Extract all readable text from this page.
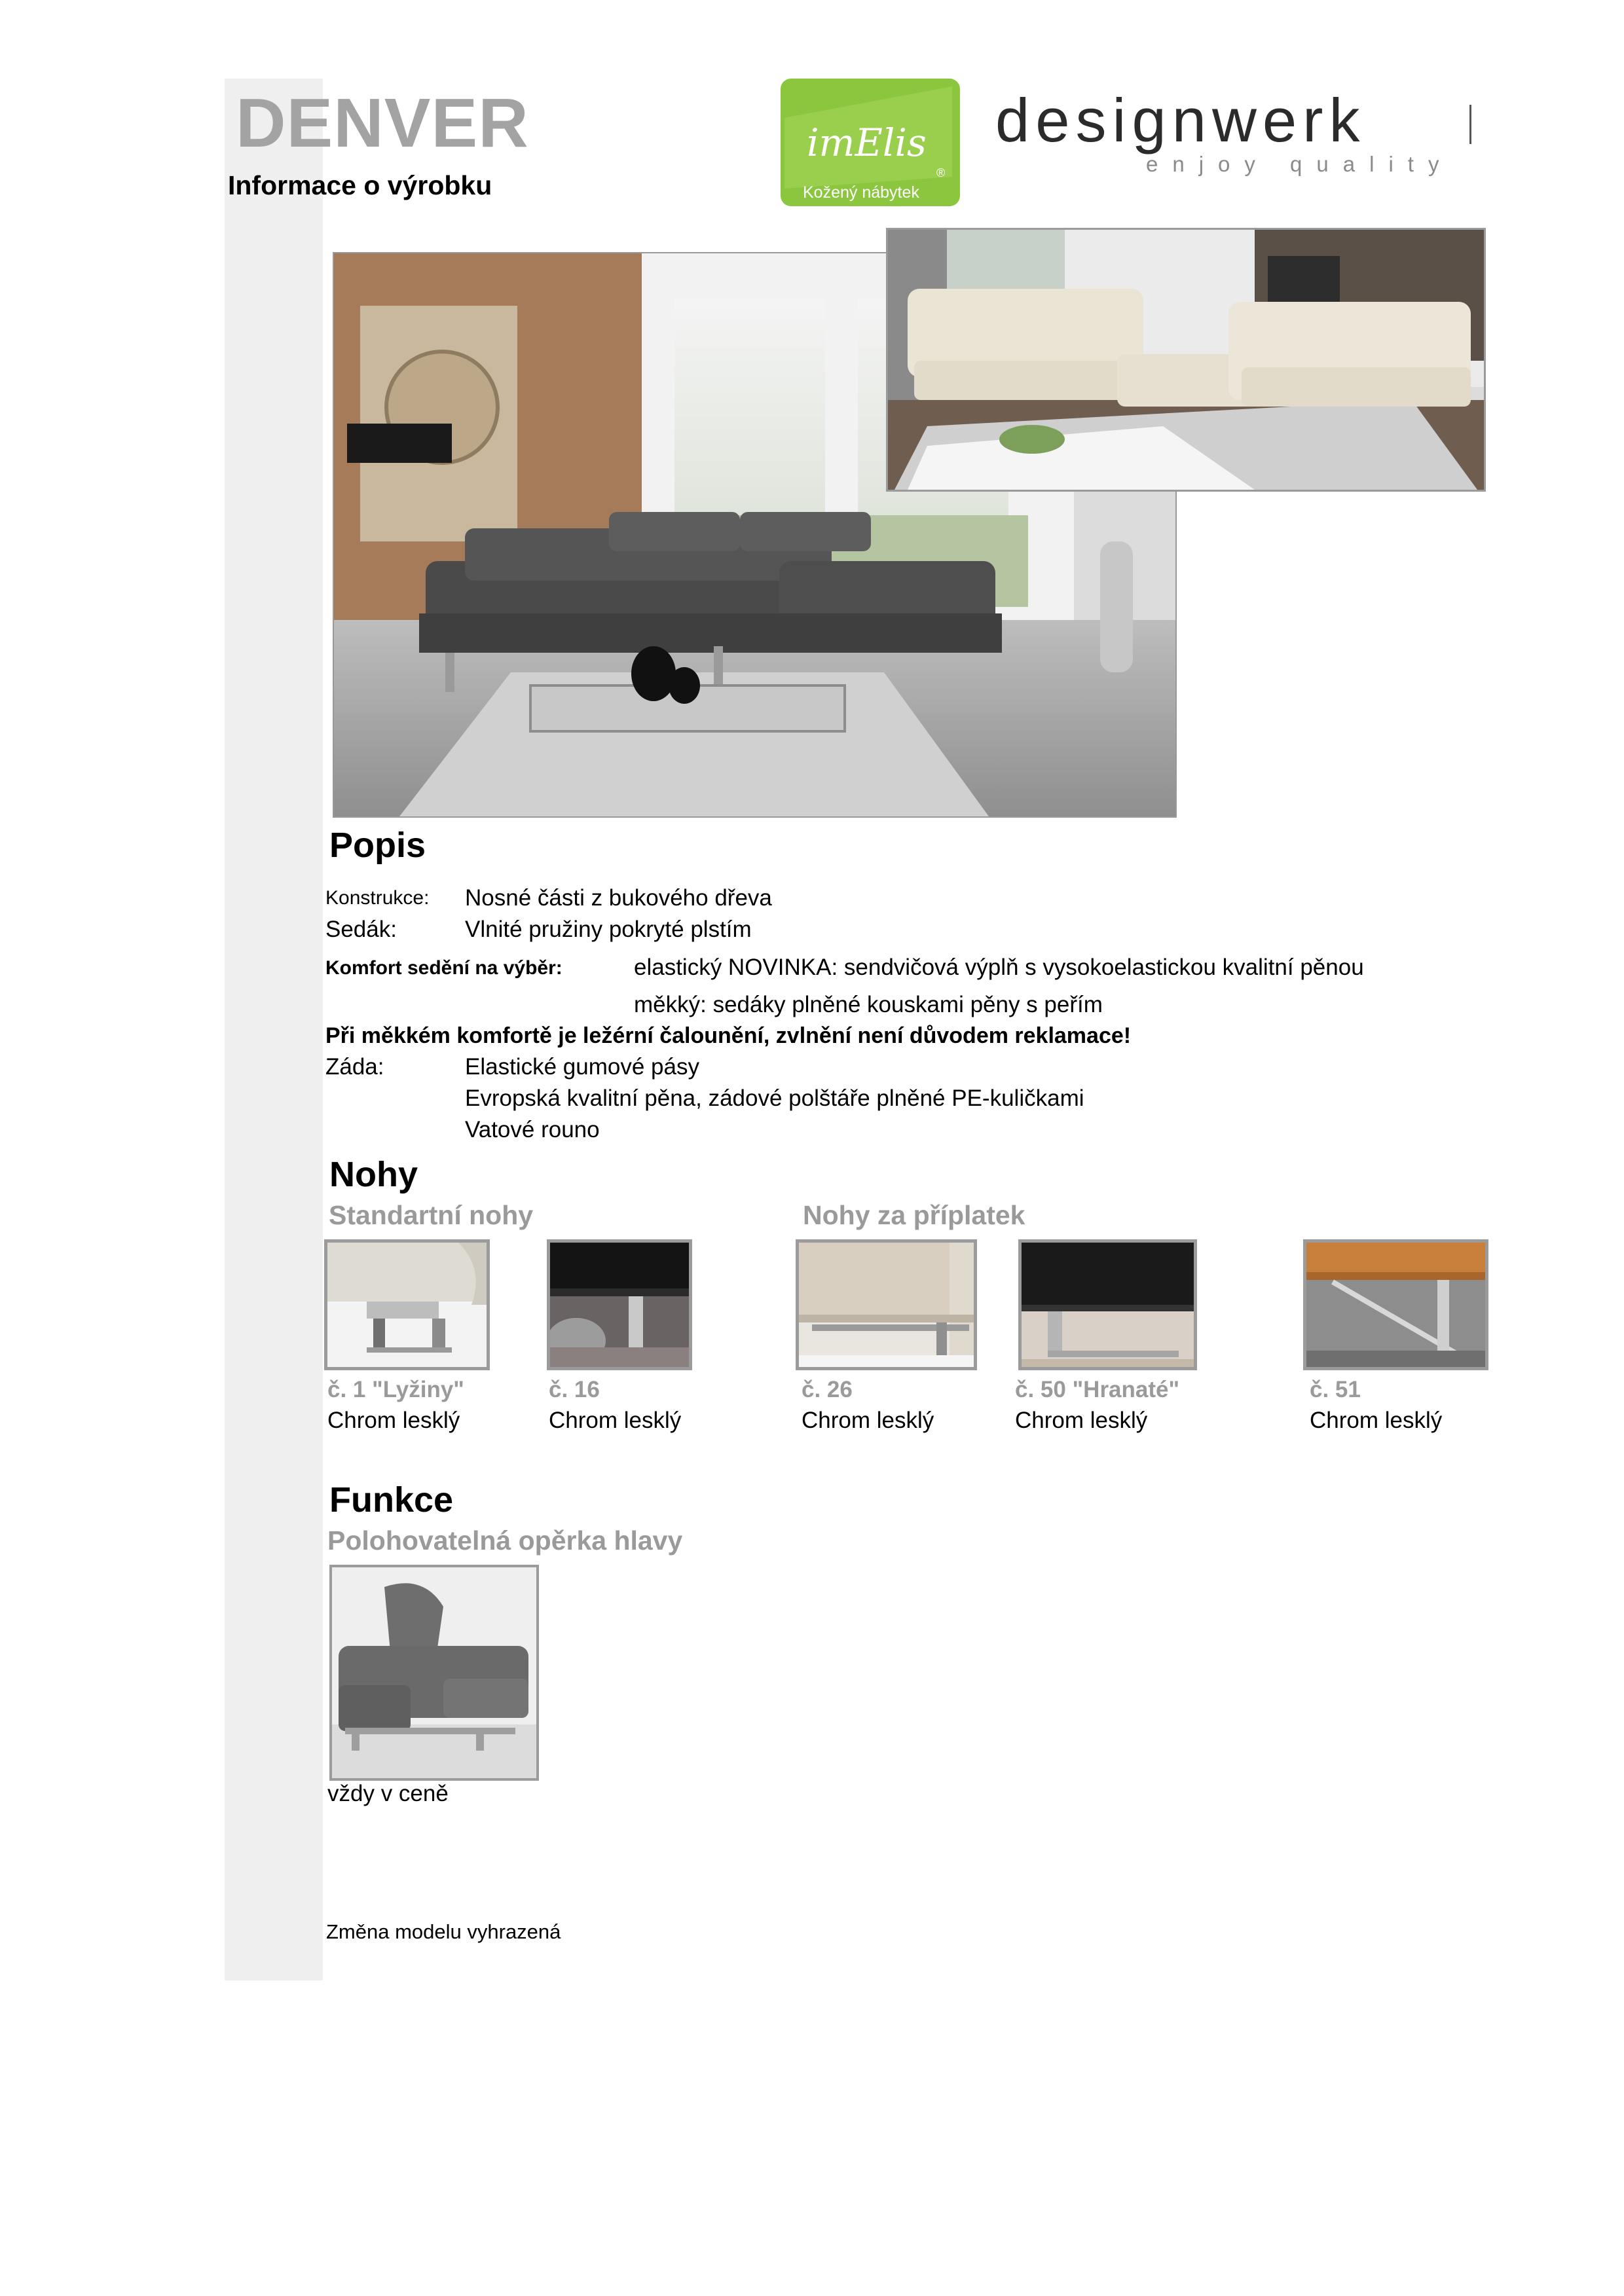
DENVER
Informace o výrobku
imElis
®
Kožený nábytek
designwerk
enjoy quality
Popis
Konstrukce: Nosné části z bukového dřeva
Sedák:	Vlnité pružiny pokryté plstím
Komfort sedění na výběr:	elastický NOVINKA: sendvičová výplň s vysokoelastickou kvalitní pěnou
měkký: sedáky plněné kouskami pěny s peřím
Při měkkém komfortě je ležérní čalounění, zvlnění není důvodem reklamace!
Záda:	Elastické gumové pásy
Evropská kvalitní pěna, zádové polštáře plněné PE-kuličkami
Vatové rouno
Nohy
Standartní nohy	Nohy za příplatek
č. 1 "Lyžiny"
Chrom lesklý
č. 16
Chrom lesklý
č. 26
Chrom lesklý
č. 50 "Hranaté"
Chrom lesklý
č. 51
Chrom lesklý
Funkce
Polohovatelná opěrka hlavy
vždy v ceně
Změna modelu vyhrazená
